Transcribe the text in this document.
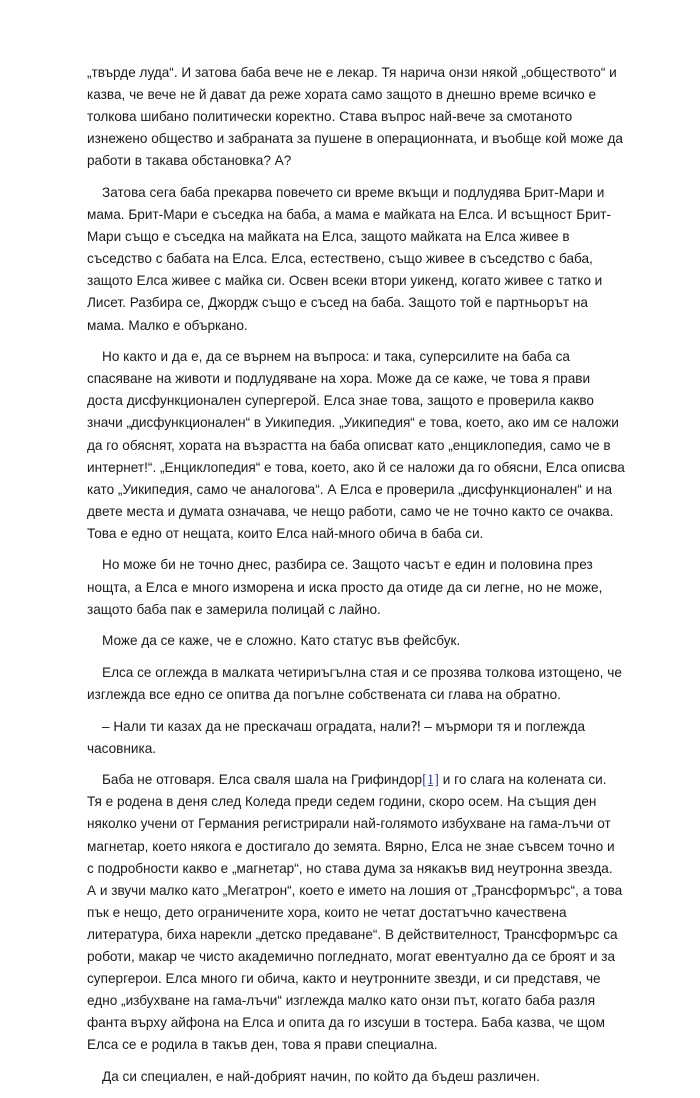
„твърде луда“. И затова баба вече не е лекар. Тя нарича онзи някой „обществото“ и казва, че вече не й дават да реже хората само защото в днешно време всичко е толкова шибано политически коректно. Става въпрос най-вече за смотаното изнежено общество и забраната за пушене в операционната, и въобще кой може да работи в такава обстановка? А?

Затова сега баба прекарва повечето си време вкъщи и подлудява Брит-Мари и мама. Брит-Мари е съседка на баба, а мама е майката на Елса. И всъщност Брит-Мари също е съседка на майката на Елса, защото майката на Елса живее в съседство с бабата на Елса. Елса, естествено, също живее в съседство с баба, защото Елса живее с майка си. Освен всеки втори уикенд, когато живее с татко и Лисет. Разбира се, Джордж също е съсед на баба. Защото той е партньорът на мама. Малко е объркано.

Но както и да е, да се върнем на въпроса: и така, суперсилите на баба са спасяване на животи и подлудяване на хора. Може да се каже, че това я прави доста дисфункционален супергерой. Елса знае това, защото е проверила какво значи „дисфункционален“ в Уикипедия. „Уикипедия“ е това, което, ако им се наложи да го обяснят, хората на възрастта на баба описват като „енциклопедия, само че в интернет!“. „Енциклопедия“ е това, което, ако й се наложи да го обясни, Елса описва като „Уикипедия, само че аналогова“. А Елса е проверила „дисфункционален“ и на двете места и думата означава, че нещо работи, само че не точно както се очаква. Това е едно от нещата, които Елса най-много обича в баба си.

Но може би не точно днес, разбира се. Защото часът е един и половина през нощта, а Елса е много изморена и иска просто да отиде да си легне, но не може, защото баба пак е замерила полицай с лайно.

Може да се каже, че е сложно. Като статус във фейсбук.

Елса се оглежда в малката четириъгълна стая и се прозява толкова изтощено, че изглежда все едно се опитва да погълне собствената си глава на обратно.

– Нали ти казах да не прескачаш оградата, нали⁈ – мърмори тя и поглежда часовника.

Баба не отговаря. Елса сваля шала на Грифиндор[1] и го слага на колената си. Тя е родена в деня след Коледа преди седем години, скоро осем. На същия ден няколко учени от Германия регистрирали най-голямото избухване на гама-лъчи от магнетар, което някога е достигало до земята. Вярно, Елса не знае съвсем точно и с подробности какво е „магнетар“, но става дума за някакъв вид неутронна звезда. А и звучи малко като „Мегатрон“, което е името на лошия от „Трансформърс“, а това пък е нещо, дето ограничените хора, които не четат достатъчно качествена литература, биха нарекли „детско предаване“. В действителност, Трансформърс са роботи, макар че чисто академично погледнато, могат евентуално да се броят и за супергерои. Елса много ги обича, както и неутронните звезди, и си представя, че едно „избухване на гама-лъчи“ изглежда малко като онзи път, когато баба разля фанта върху айфона на Елса и опита да го изсуши в тостера. Баба казва, че щом Елса се е родила в такъв ден, това я прави специална.

Да си специален, е най-добрият начин, по който да бъдеш различен.
